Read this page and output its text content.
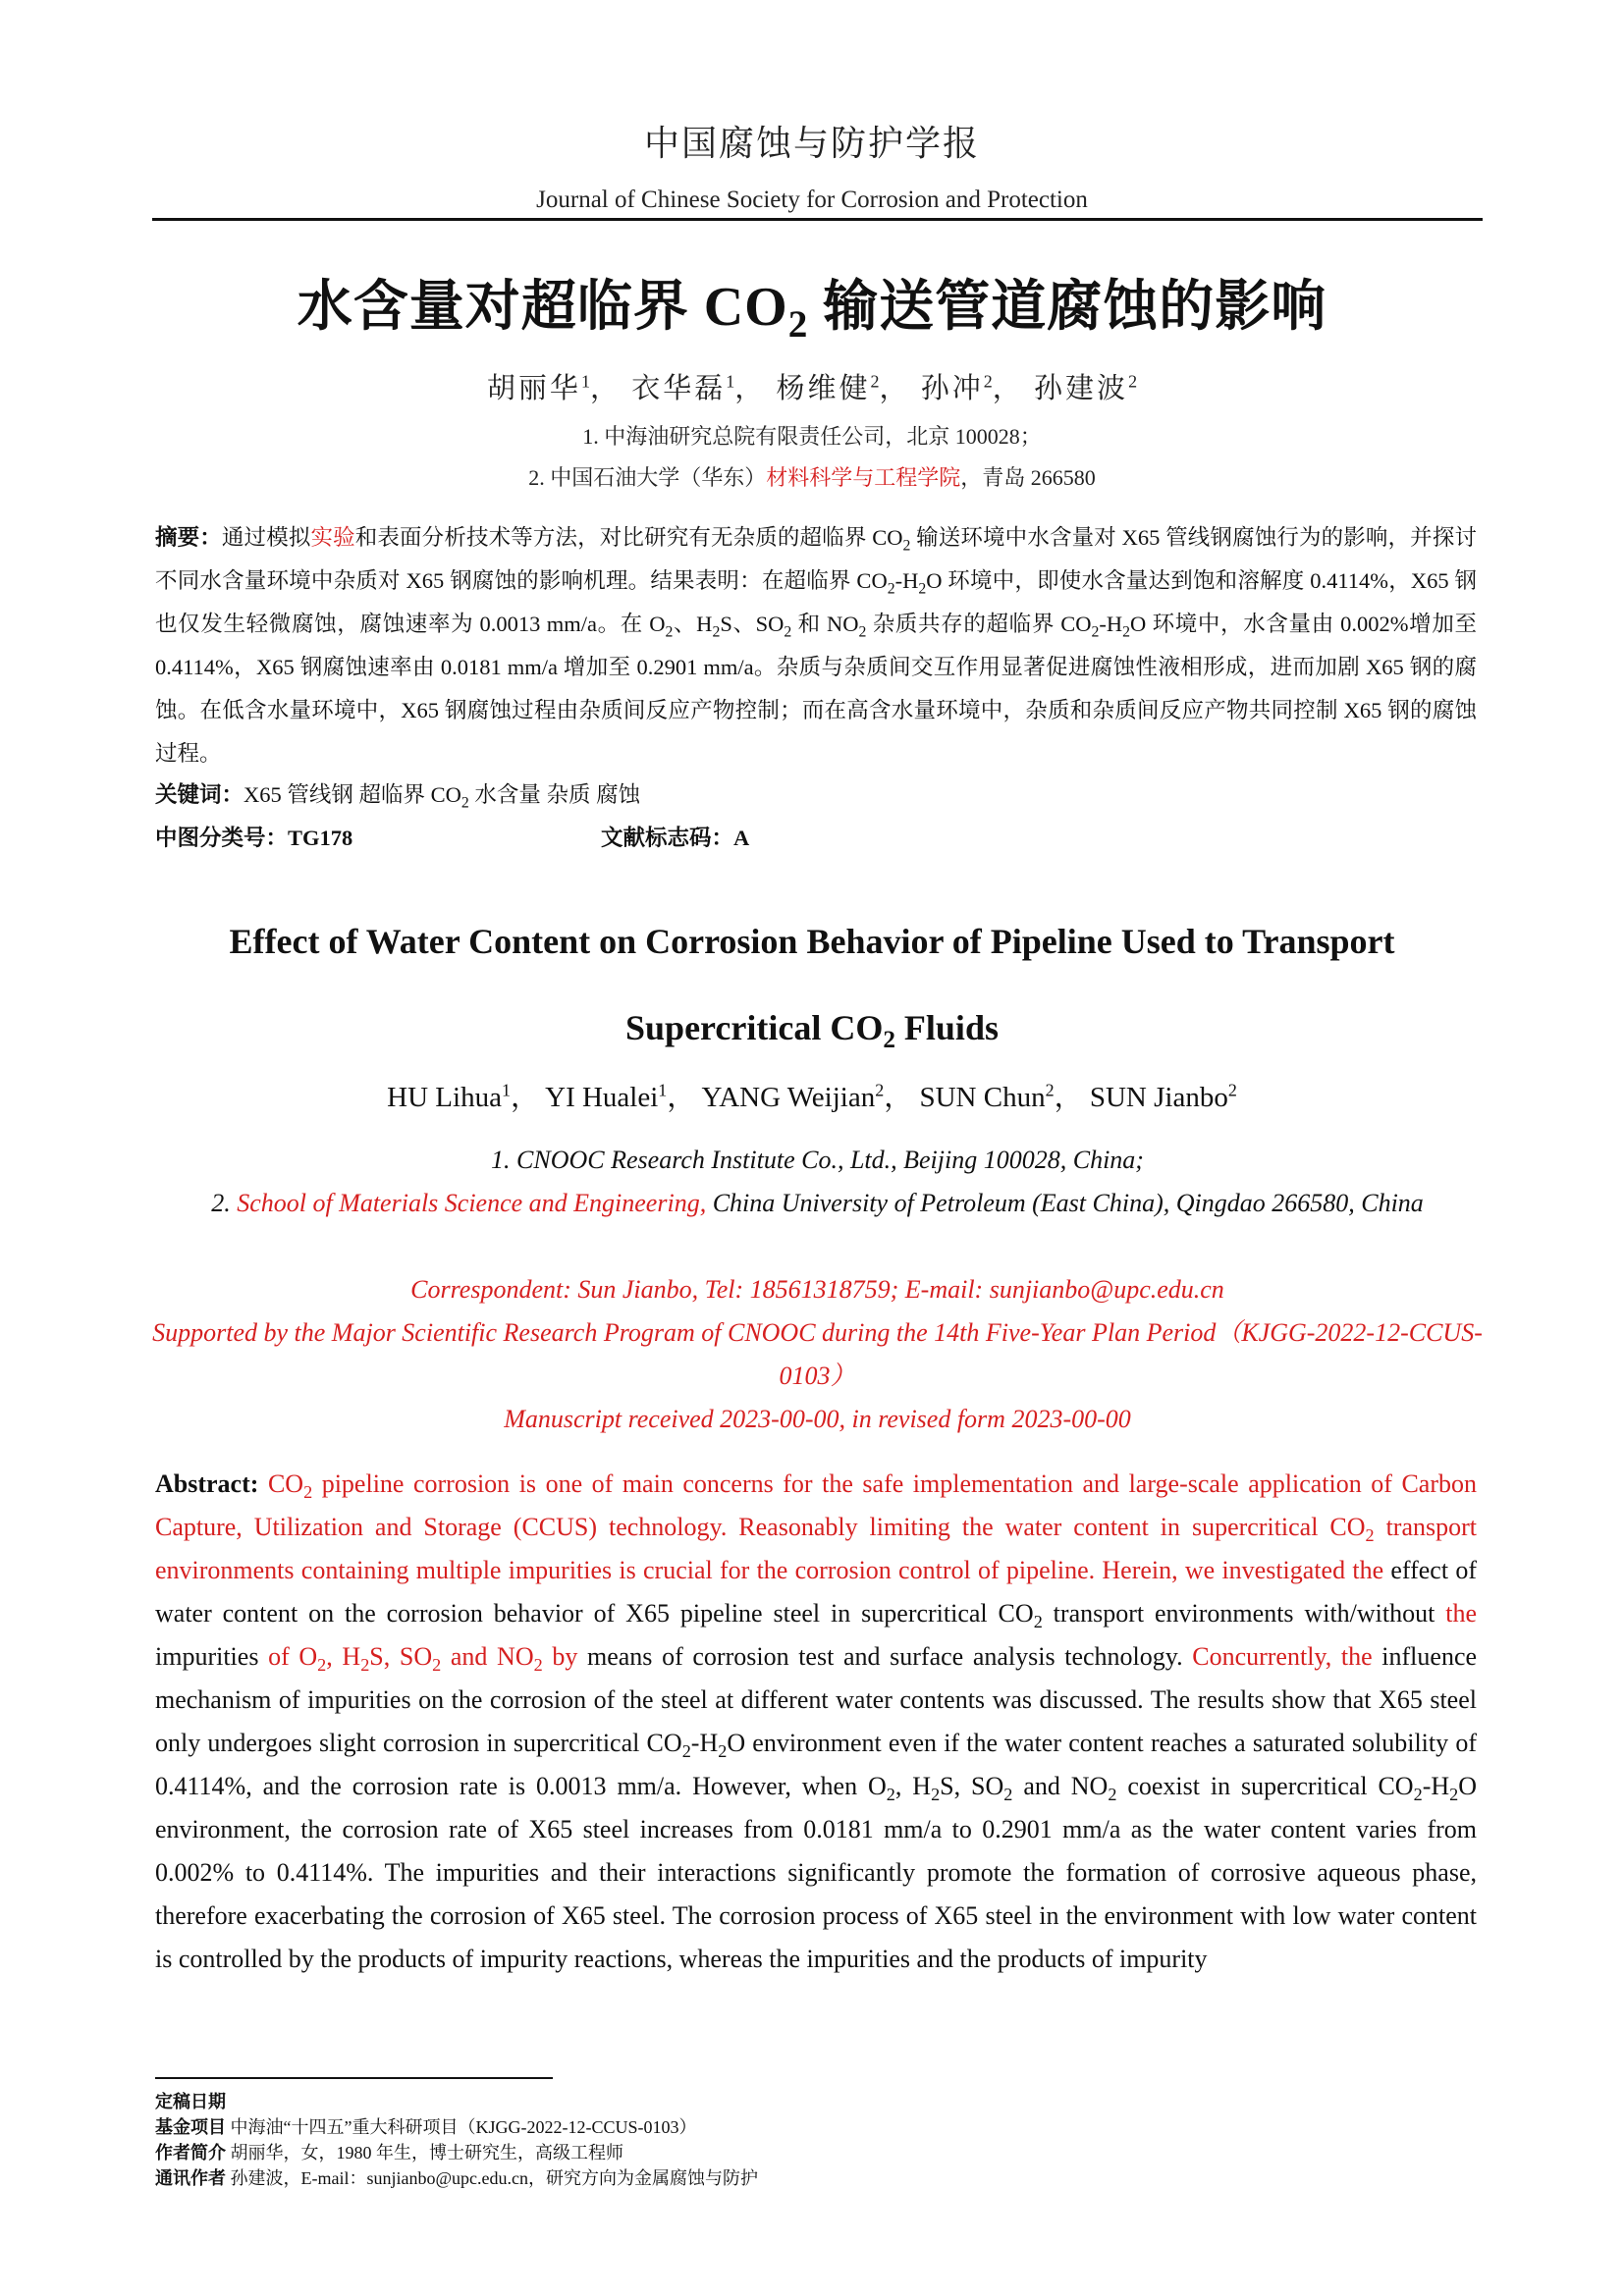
中国腐蚀与防护学报
Journal of Chinese Society for Corrosion and Protection
水含量对超临界 $CO_2$ 输送管道腐蚀的影响
胡丽华$^1$， 衣华磊$^1$， 杨维健$^2$， 孙冲$^2$， 孙建波$^2$
1. 中海油研究总院有限责任公司，北京 100028；
2. 中国石油大学（华东）材料科学与工程学院，青岛 266580
摘要：通过模拟实验和表面分析技术等方法，对比研究有无杂质的超临界 $CO_2$ 输送环境中水含量对 X65 管线钢腐蚀行为的影响，并探讨不同水含量环境中杂质对 X65 钢腐蚀的影响机理。结果表明：在超临界 $CO_2-H_2O$ 环境中，即使水含量达到饱和溶解度 0.4114%，X65 钢也仅发生轻微腐蚀，腐蚀速率为 0.0013 mm/a。在 $O_2$、$H_2S$、$SO_2$ 和 $NO_2$ 杂质共存的超临界 $CO_2-H_2O$ 环境中，水含量由 0.002%增加至 0.4114%，X65 钢腐蚀速率由 0.0181 mm/a 增加至 0.2901 mm/a。杂质与杂质间交互作用显著促进腐蚀性液相形成，进而加剧 X65 钢的腐蚀。在低含水量环境中，X65 钢腐蚀过程由杂质间反应产物控制；而在高含水量环境中，杂质和杂质间反应产物共同控制 X65 钢的腐蚀过程。
关键词：X65 管线钢 超临界 $CO_2$ 水含量 杂质 腐蚀
中图分类号：TG178	文献标志码：A
Effect of Water Content on Corrosion Behavior of Pipeline Used to Transport
Supercritical $CO_2$ Fluids
HU Lihua$^1$， YI Hualei$^1$， YANG Weijian$^2$， SUN Chun$^2$， SUN Jianbo$^2$
1. CNOOC Research Institute Co., Ltd., Beijing 100028, China;
2. School of Materials Science and Engineering, China University of Petroleum (East China), Qingdao 266580, China
Correspondent: Sun Jianbo, Tel: 18561318759; E-mail: sunjianbo@upc.edu.cn
Supported by the Major Scientific Research Program of CNOOC during the 14th Five-Year Plan Period（KJGG-2022-12-CCUS-0103）
Manuscript received 2023-00-00, in revised form 2023-00-00
Abstract: $CO_2$ pipeline corrosion is one of main concerns for the safe implementation and large-scale application of Carbon Capture, Utilization and Storage (CCUS) technology. Reasonably limiting the water content in supercritical $CO_2$ transport environments containing multiple impurities is crucial for the corrosion control of pipeline. Herein, we investigated the effect of water content on the corrosion behavior of X65 pipeline steel in supercritical $CO_2$ transport environments with/without the impurities of $O_2$, $H_2S$, $SO_2$ and $NO_2$ by means of corrosion test and surface analysis technology. Concurrently, the influence mechanism of impurities on the corrosion of the steel at different water contents was discussed. The results show that X65 steel only undergoes slight corrosion in supercritical $CO_2-H_2O$ environment even if the water content reaches a saturated solubility of 0.4114%, and the corrosion rate is 0.0013 mm/a. However, when $O_2$, $H_2S$, $SO_2$ and $NO_2$ coexist in supercritical $CO_2-H_2O$ environment, the corrosion rate of X65 steel increases from 0.0181 mm/a to 0.2901 mm/a as the water content varies from 0.002% to 0.4114%. The impurities and their interactions significantly promote the formation of corrosive aqueous phase, therefore exacerbating the corrosion of X65 steel. The corrosion process of X65 steel in the environment with low water content is controlled by the products of impurity reactions, whereas the impurities and the products of impurity
定稿日期
基金项目 中海油“十四五”重大科研项目（KJGG-2022-12-CCUS-0103）
作者简介 胡丽华，女，1980 年生，博士研究生，高级工程师
通讯作者 孙建波，E-mail：sunjianbo@upc.edu.cn，研究方向为金属腐蚀与防护
